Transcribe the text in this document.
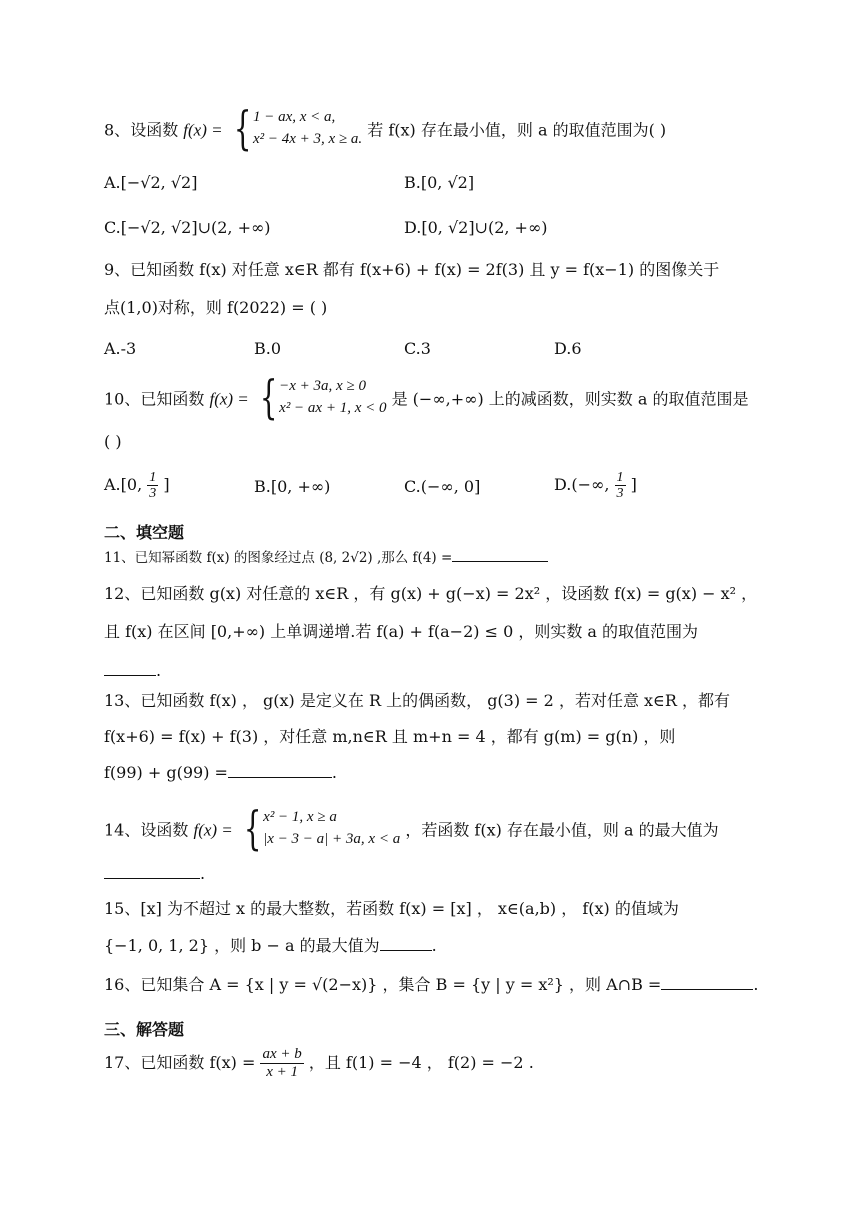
8、设函数 f(x) = { 1 − ax, x < a,
x² − 4x + 3, x ≥ a. 若 f(x) 存在最小值，则 a 的取值范围为( )
A.[−√2, √2]	B.[0, √2]
C.[−√2, √2]∪(2, +∞)	D.[0, √2]∪(2, +∞)
9、已知函数 f(x) 对任意 x∈R 都有 f(x+6) + f(x) = 2f(3) 且 y = f(x−1) 的图像关于
点(1,0)对称，则 f(2022) = ( )
A.-3	B.0	C.3	D.6
10、已知函数 f(x) = { −x + 3a, x ≥ 0
x² − ax + 1, x < 0 是 (−∞,+∞) 上的减函数，则实数 a 的取值范围是
( )
A.[0, $\frac{1}{3}$ ]	B.[0, +∞)	C.(−∞, 0]	D.(−∞, $\frac{1}{3}$ ]
二、填空题
11、已知幂函数 f(x) 的图象经过点 (8, 2√2) ,那么 f(4) =
12、已知函数 g(x) 对任意的 x∈R ，有 g(x) + g(−x) = 2x² ，设函数 f(x) = g(x) − x² ，
且 f(x) 在区间 [0,+∞) 上单调递增.若 f(a) + f(a−2) ≤ 0 ，则实数 a 的取值范围为
.
13、已知函数 f(x) ， g(x) 是定义在 R 上的偶函数， g(3) = 2 ，若对任意 x∈R ，都有
f(x+6) = f(x) + f(3) ，对任意 m,n∈R 且 m+n = 4 ，都有 g(m) = g(n) ，则
f(99) + g(99) =	.
14、设函数 f(x) = { x² − 1, x ≥ a
|x − 3 − a| + 3a, x < a ，若函数 f(x) 存在最小值，则 a 的最大值为
.
15、[x] 为不超过 x 的最大整数，若函数 f(x) = [x] ， x∈(a,b) ， f(x) 的值域为
{−1, 0, 1, 2} ，则 b − a 的最大值为	.
16、已知集合 A = {x | y = √(2−x)} ，集合 B = {y | y = x²} ，则 A∩B =	.
三、解答题
17、已知函数 $f(x) = \frac{ax + b}{x + 1}$ ，且 f(1) = −4 ， f(2) = −2 .
